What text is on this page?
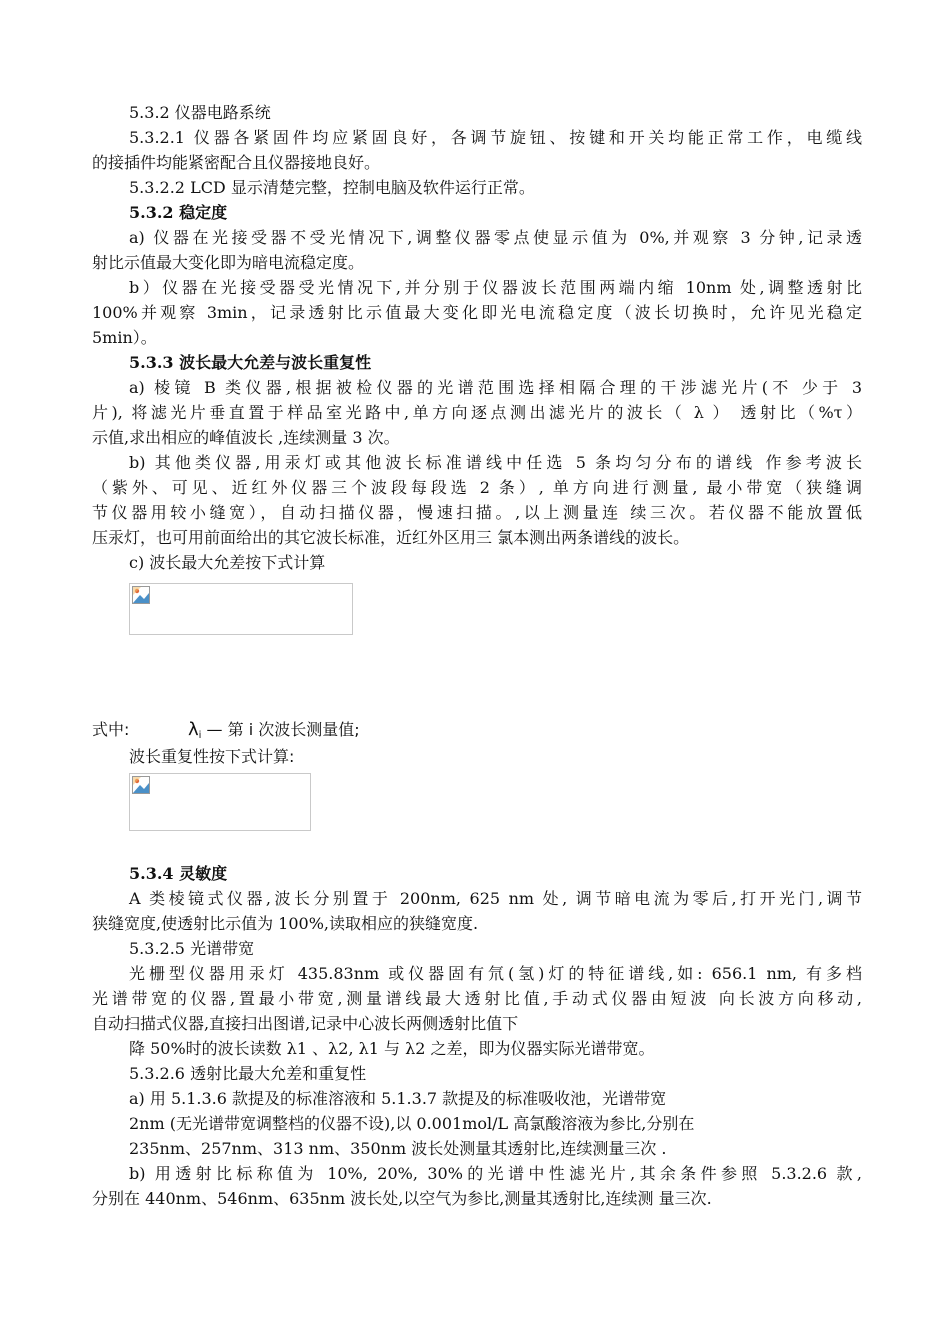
5.3.2 仪器电路系统
5.3.2.1 仪器各紧固件均应紧固良好，各调节旋钮、按键和开关均能正常工作，电缆线
的接插件均能紧密配合且仪器接地良好。
5.3.2.2 LCD 显示清楚完整，控制电脑及软件运行正常。
5.3.2 稳定度
a) 仪器在光接受器不受光情况下,调整仪器零点使显示值为 0%,并观察 3 分钟,记录透
射比示值最大变化即为暗电流稳定度。
b）仪器在光接受器受光情况下,并分别于仪器波长范围两端内缩 10nm 处,调整透射比
100%并观察 3min，记录透射比示值最大变化即光电流稳定度（波长切换时，允许见光稳定
5min）。
5.3.3 波长最大允差与波长重复性
a) 棱镜 B 类仪器,根据被检仪器的光谱范围选择相隔合理的干涉滤光片(不 少于 3
片), 将滤光片垂直置于样品室光路中,单方向逐点测出滤光片的波长（ λ ） 透射比（%τ）
示值,求出相应的峰值波长 ,连续测量 3 次。
b) 其他类仪器,用汞灯或其他波长标准谱线中任选 5 条均匀分布的谱线 作参考波长
（紫外、可见、近红外仪器三个波段每段选 2 条）, 单方向进行测量, 最小带宽（狭缝调
节仪器用较小缝宽），自动扫描仪器，慢速扫描。,以上测量连 续三次。若仪器不能放置低
压汞灯，也可用前面给出的其它波长标准，近红外区用三 氯本测出两条谱线的波长。
c) 波长最大允差按下式计算
式中:	$\lambda_i$ — 第 i 次波长测量值;
波长重复性按下式计算:
5.3.4 灵敏度
A 类棱镜式仪器,波长分别置于 200nm, 625 nm 处, 调节暗电流为零后,打开光门,调节
狭缝宽度,使透射比示值为 100%,读取相应的狭缝宽度.
5.3.2.5 光谱带宽
光栅型仪器用汞灯 435.83nm 或仪器固有氘(氢)灯的特征谱线,如: 656.1 nm, 有多档
光谱带宽的仪器,置最小带宽,测量谱线最大透射比值,手动式仪器由短波 向长波方向移动,
自动扫描式仪器,直接扫出图谱,记录中心波长两侧透射比值下
降 50%时的波长读数 λ1 、λ2, λ1 与 λ2 之差，即为仪器实际光谱带宽。
5.3.2.6 透射比最大允差和重复性
a) 用 5.1.3.6 款提及的标准溶液和 5.1.3.7 款提及的标准吸收池，光谱带宽
2nm (无光谱带宽调整档的仪器不设),以 0.001mol/L 高氯酸溶液为参比,分别在
235nm、257nm、313 nm、350nm 波长处测量其透射比,连续测量三次 .
b) 用透射比标称值为 10%, 20%, 30%的光谱中性滤光片,其余条件参照 5.3.2.6 款,
分别在 440nm、546nm、635nm 波长处,以空气为参比,测量其透射比,连续测 量三次.
